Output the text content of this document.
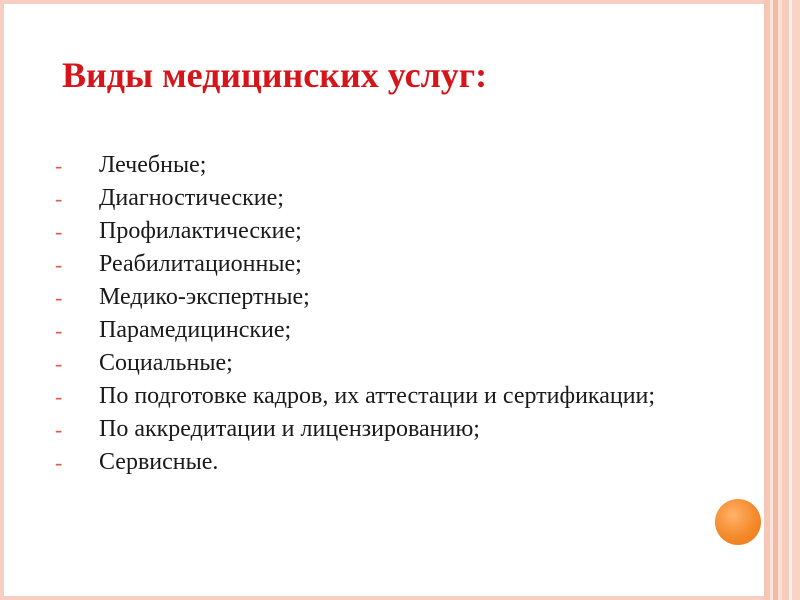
Виды медицинских услуг:
-	Лечебные;
-	Диагностические;
-	Профилактические;
-	Реабилитационные;
-	Медико-экспертные;
-	Парамедицинские;
-	Социальные;
-	По подготовке кадров, их аттестации и сертификации;
-	По аккредитации и лицензированию;
-	Сервисные.
